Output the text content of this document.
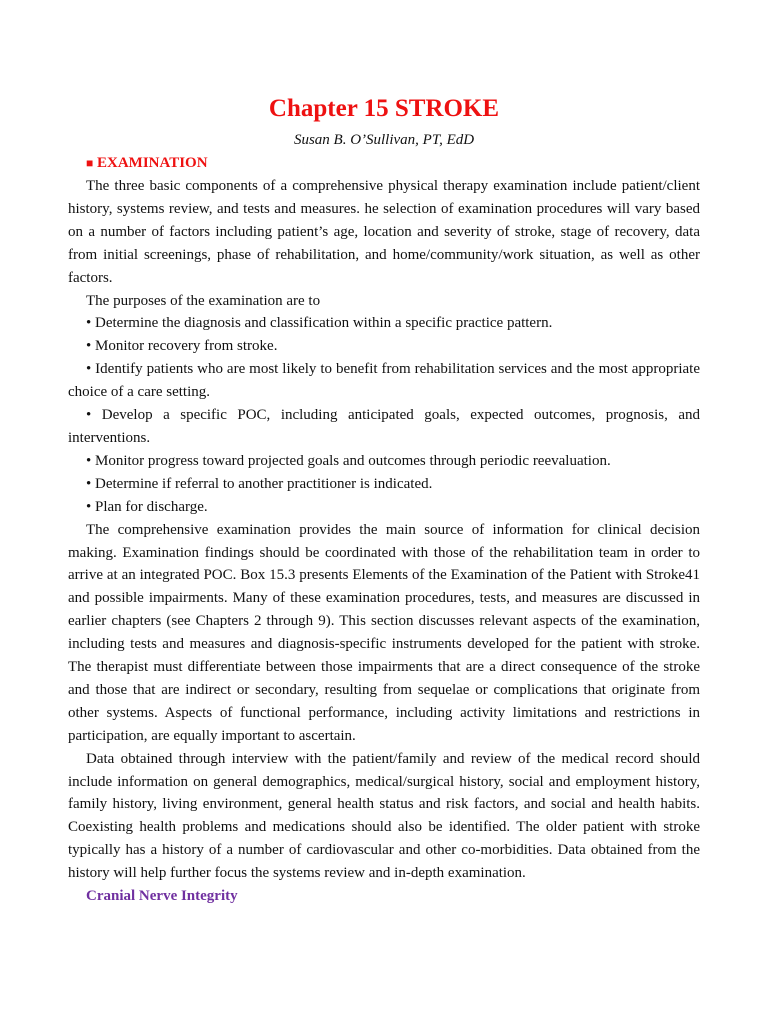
Chapter 15 STROKE
Susan B. O’Sullivan, PT, EdD
■ EXAMINATION

The three basic components of a comprehensive physical therapy examination include patient/client history, systems review, and tests and measures. he selection of examination procedures will vary based on a number of factors including patient’s age, location and severity of stroke, stage of recovery, data from initial screenings, phase of rehabilitation, and home/community/work situation, as well as other factors.

The purposes of the examination are to

• Determine the diagnosis and classification within a specific practice pattern.

• Monitor recovery from stroke.

• Identify patients who are most likely to benefit from rehabilitation services and the most appropriate choice of a care setting.

• Develop a specific POC, including anticipated goals, expected outcomes, prognosis, and interventions.

• Monitor progress toward projected goals and outcomes through periodic reevaluation.

• Determine if referral to another practitioner is indicated.

• Plan for discharge.

The comprehensive examination provides the main source of information for clinical decision making. Examination findings should be coordinated with those of the rehabilitation team in order to arrive at an integrated POC. Box 15.3 presents Elements of the Examination of the Patient with Stroke41 and possible impairments. Many of these examination procedures, tests, and measures are discussed in earlier chapters (see Chapters 2 through 9). This section discusses relevant aspects of the examination, including tests and measures and diagnosis-specific instruments developed for the patient with stroke. The therapist must differentiate between those impairments that are a direct consequence of the stroke and those that are indirect or secondary, resulting from sequelae or complications that originate from other systems. Aspects of functional performance, including activity limitations and restrictions in participation, are equally important to ascertain.

Data obtained through interview with the patient/family and review of the medical record should include information on general demographics, medical/surgical history, social and employment history, family history, living environment, general health status and risk factors, and social and health habits. Coexisting health problems and medications should also be identified. The older patient with stroke typically has a history of a number of cardiovascular and other co-morbidities. Data obtained from the history will help further focus the systems review and in-depth examination.

Cranial Nerve Integrity
